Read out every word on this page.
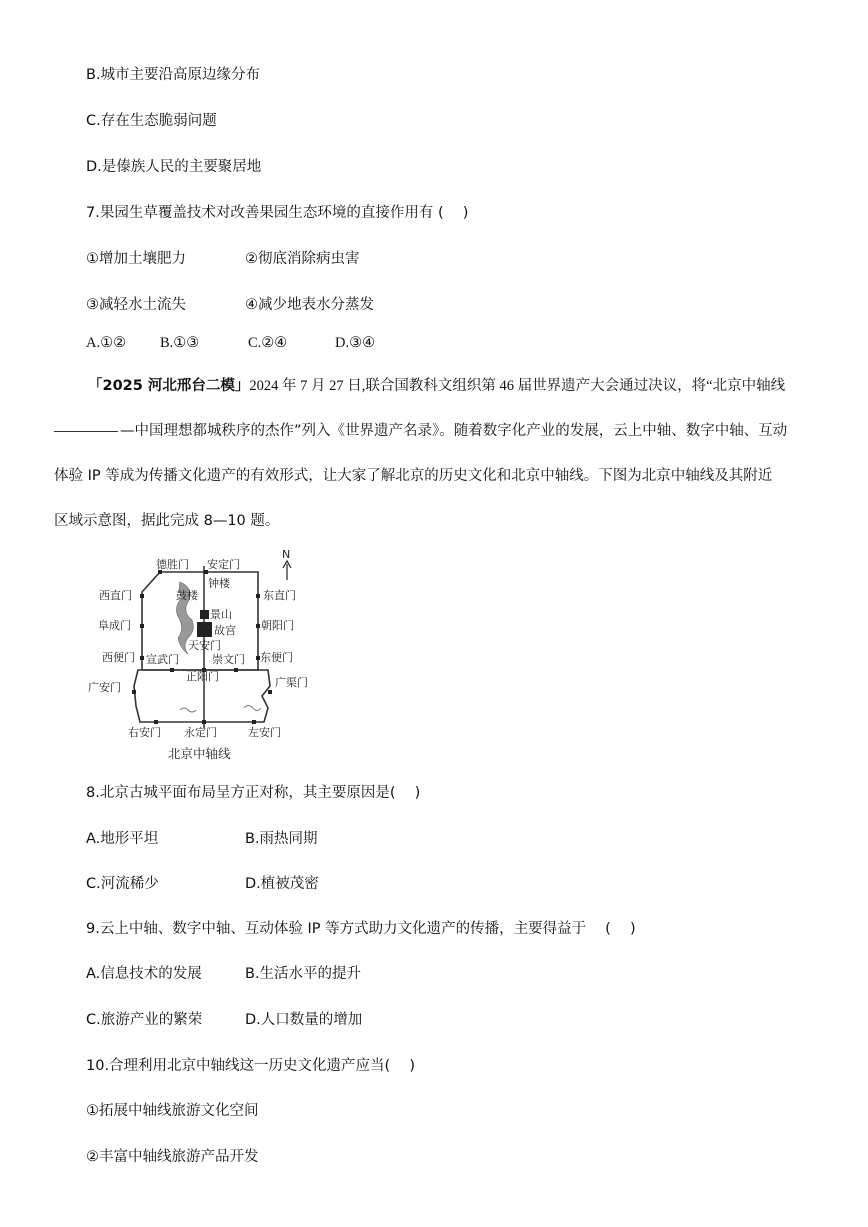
B.城市主要沿高原边缘分布
C.存在生态脆弱问题
D.是傣族人民的主要聚居地
7.果园生草覆盖技术对改善果园生态环境的直接作用有 (　 )
①增加土壤肥力	②彻底消除病虫害
③减轻水土流失	④减少地表水分蒸发
A.①② B.①③	C.②④	D.③④
「2025 河北邢台二模」2024 年 7 月 27 日,联合国教科文组织第 46 届世界遗产大会通过决议，将“北京中轴线
—中国理想都城秩序的杰作”列入《世界遗产名录》。随着数字化产业的发展，云上中轴、数字中轴、互动
体验 IP 等成为传播文化遗产的有效形式，让大家了解北京的历史文化和北京中轴线。下图为北京中轴线及其附近
区域示意图，据此完成 8—10 题。
N
德胜门 安定门
钟楼
鼓楼
西直门	东直门
景山
故宫
阜成门	朝阳门
天安门
西便门 宣武门	崇文门 东便门
正阳门
广安门	广渠门
右安门 永定门	左安门
北京中轴线
8.北京古城平面布局呈方正对称，其主要原因是(　 )
A.地形平坦	B.雨热同期
C.河流稀少	D.植被茂密
9.云上中轴、数字中轴、互动体验 IP 等方式助力文化遗产的传播，主要得益于　 (　 )
A.信息技术的发展	B.生活水平的提升
C.旅游产业的繁荣	D.人口数量的增加
10.合理利用北京中轴线这一历史文化遗产应当(　 )
①拓展中轴线旅游文化空间
②丰富中轴线旅游产品开发
